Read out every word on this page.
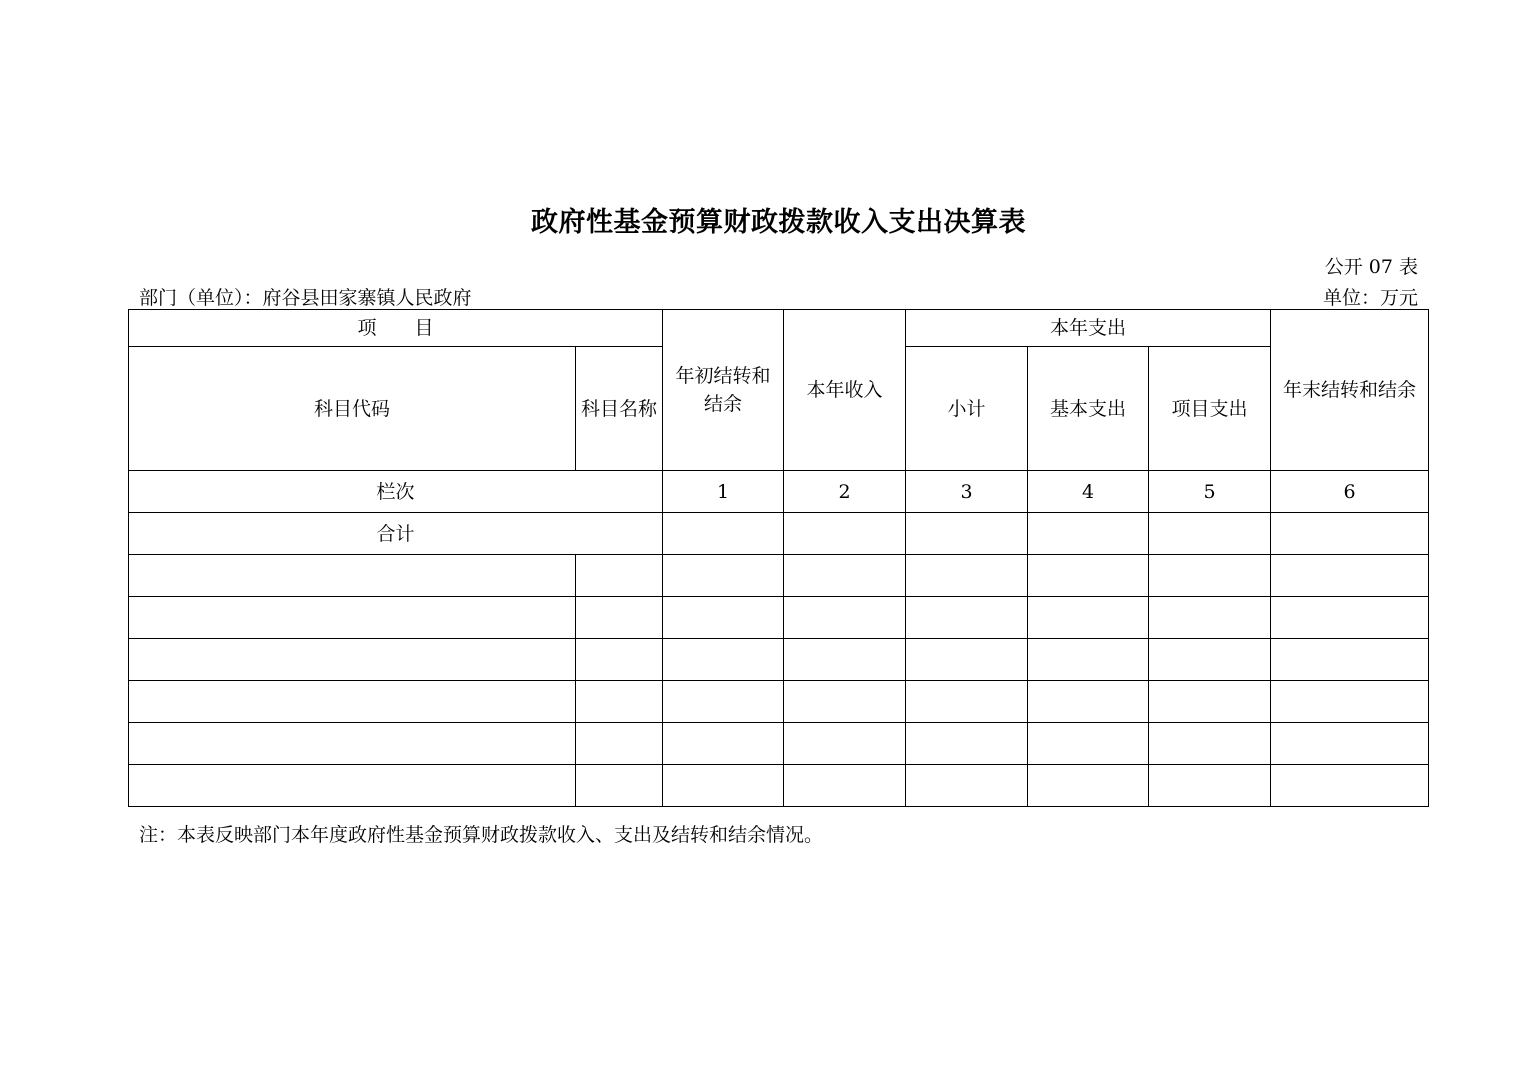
政府性基金预算财政拨款收入支出决算表
公开 07 表
部门（单位）：府谷县田家寨镇人民政府	单位：万元
项　　目		年初结转和结余	本年收入	本年支出			年末结转和结余
科目代码	科目名称			小计	基本支出	项目支出	
栏次		1	2	3	4	5	6
合计							

注：本表反映部门本年度政府性基金预算财政拨款收入、支出及结转和结余情况。
